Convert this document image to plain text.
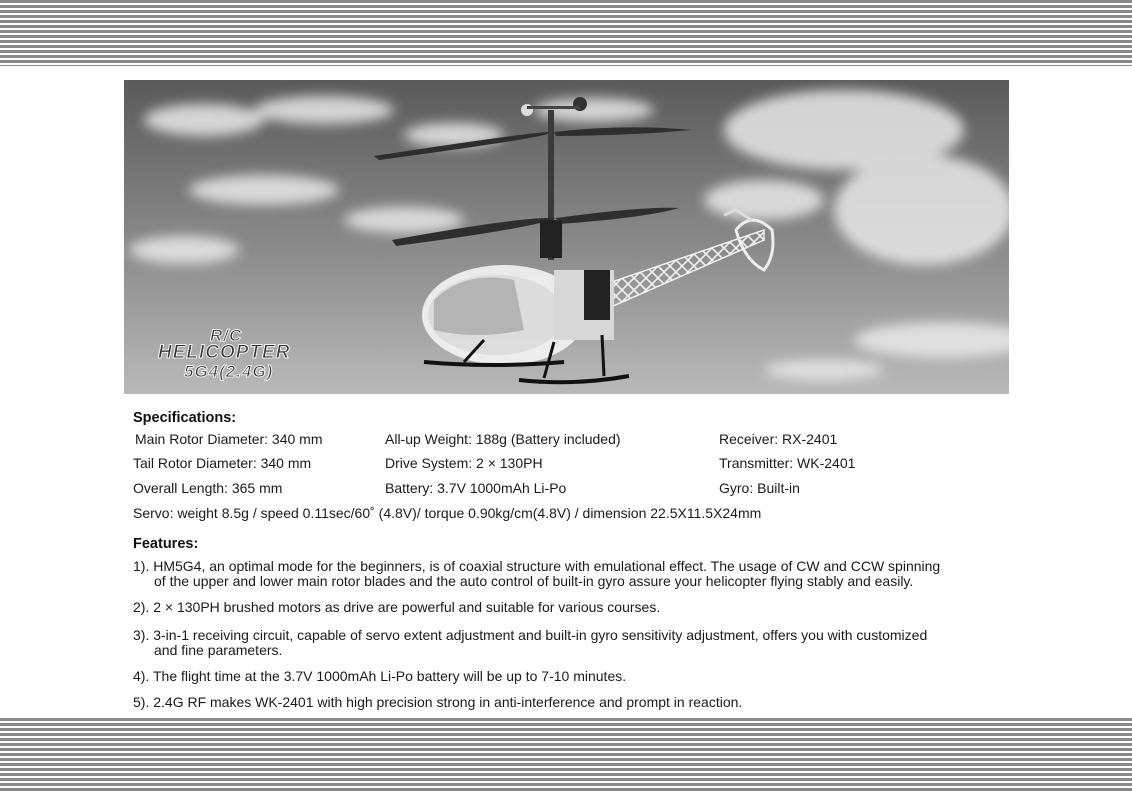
R/C
HELICOPTER
5G4(2.4G)
Specifications:
Main Rotor Diameter: 340 mm
Tail Rotor Diameter: 340 mm
Overall Length: 365 mm
All-up Weight: 188g (Battery included)
Drive System: 2 × 130PH
Battery: 3.7V 1000mAh Li-Po
Receiver: RX-2401
Transmitter: WK-2401
Gyro: Built-in
Servo: weight 8.5g / speed 0.11sec/60˚ (4.8V)/ torque 0.90kg/cm(4.8V) / dimension 22.5X11.5X24mm
Features:
1). HM5G4, an optimal mode for the beginners, is of coaxial structure with emulational effect. The usage of CW and CCW spinning
of the upper and lower main rotor blades and the auto control of built-in gyro assure your helicopter flying stably and easily.
2). 2 × 130PH brushed motors as drive are powerful and suitable for various courses.
3). 3-in-1 receiving circuit, capable of servo extent adjustment and built-in gyro sensitivity adjustment, offers you with customized
and fine parameters.
4). The flight time at the 3.7V 1000mAh Li-Po battery will be up to 7-10 minutes.
5). 2.4G RF makes WK-2401 with high precision strong in anti-interference and prompt in reaction.
